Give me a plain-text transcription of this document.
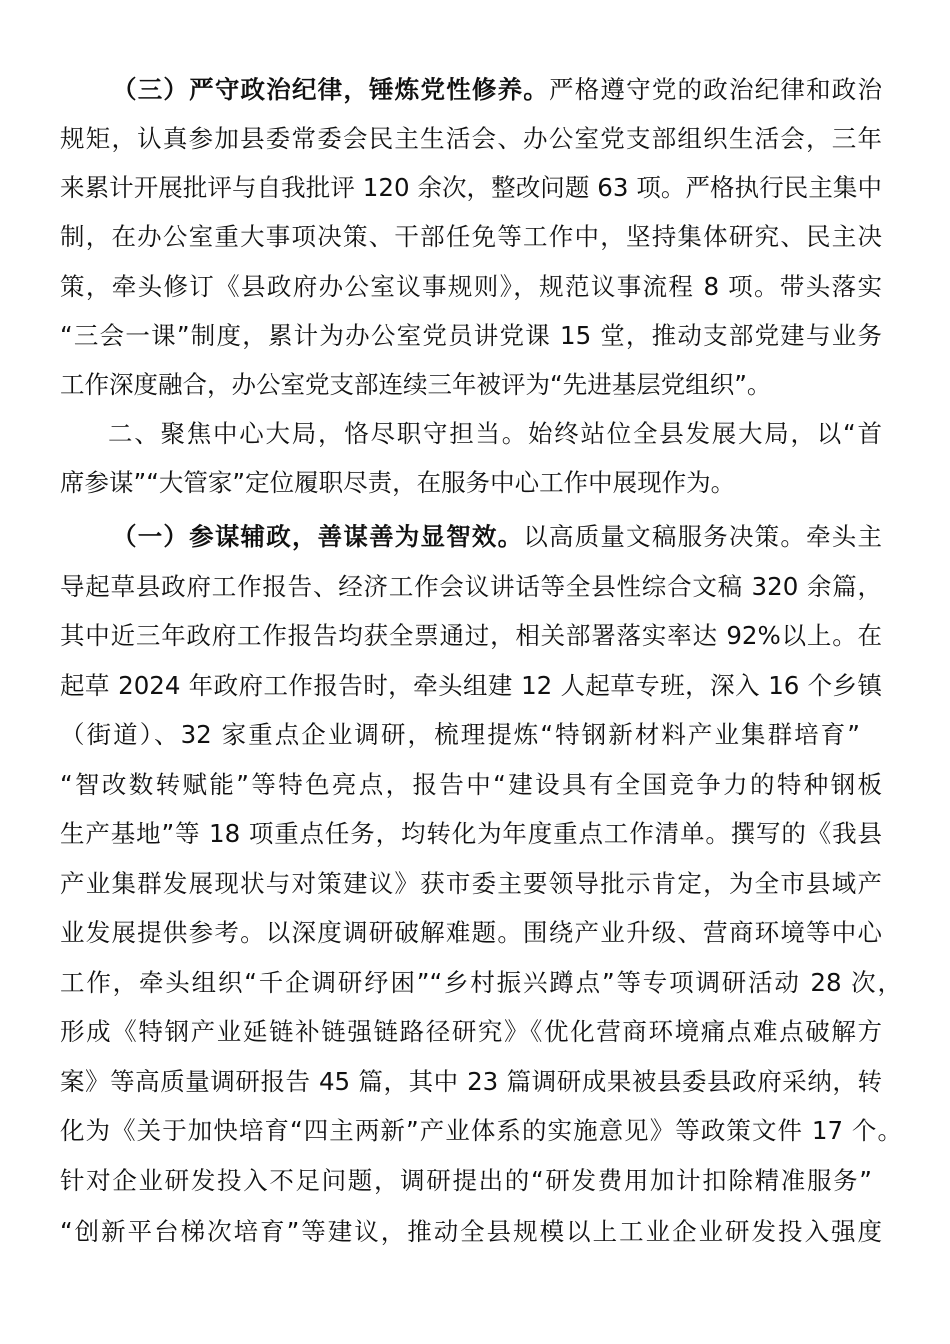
（三）严守政治纪律，锤炼党性修养。严格遵守党的政治纪律和政治
规矩，认真参加县委常委会民主生活会、办公室党支部组织生活会，三年
来累计开展批评与自我批评 120 余次，整改问题 63 项。严格执行民主集中
制，在办公室重大事项决策、干部任免等工作中，坚持集体研究、民主决
策，牵头修订《县政府办公室议事规则》，规范议事流程 8 项。带头落实
“三会一课”制度，累计为办公室党员讲党课 15 堂，推动支部党建与业务
工作深度融合，办公室党支部连续三年被评为“先进基层党组织”。
二、聚焦中心大局，恪尽职守担当。始终站位全县发展大局，以“首
席参谋”“大管家”定位履职尽责，在服务中心工作中展现作为。
（一）参谋辅政，善谋善为显智效。以高质量文稿服务决策。牵头主
导起草县政府工作报告、经济工作会议讲话等全县性综合文稿 320 余篇，
其中近三年政府工作报告均获全票通过，相关部署落实率达 92%以上。在
起草 2024 年政府工作报告时，牵头组建 12 人起草专班，深入 16 个乡镇
（街道）、32 家重点企业调研，梳理提炼“特钢新材料产业集群培育”
“智改数转赋能”等特色亮点，报告中“建设具有全国竞争力的特种钢板
生产基地”等 18 项重点任务，均转化为年度重点工作清单。撰写的《我县
产业集群发展现状与对策建议》获市委主要领导批示肯定，为全市县域产
业发展提供参考。以深度调研破解难题。围绕产业升级、营商环境等中心
工作，牵头组织“千企调研纾困”“乡村振兴蹲点”等专项调研活动 28 次，
形成《特钢产业延链补链强链路径研究》《优化营商环境痛点难点破解方
案》等高质量调研报告 45 篇，其中 23 篇调研成果被县委县政府采纳，转
化为《关于加快培育“四主两新”产业体系的实施意见》等政策文件 17 个。
针对企业研发投入不足问题，调研提出的“研发费用加计扣除精准服务”
“创新平台梯次培育”等建议，推动全县规模以上工业企业研发投入强度
